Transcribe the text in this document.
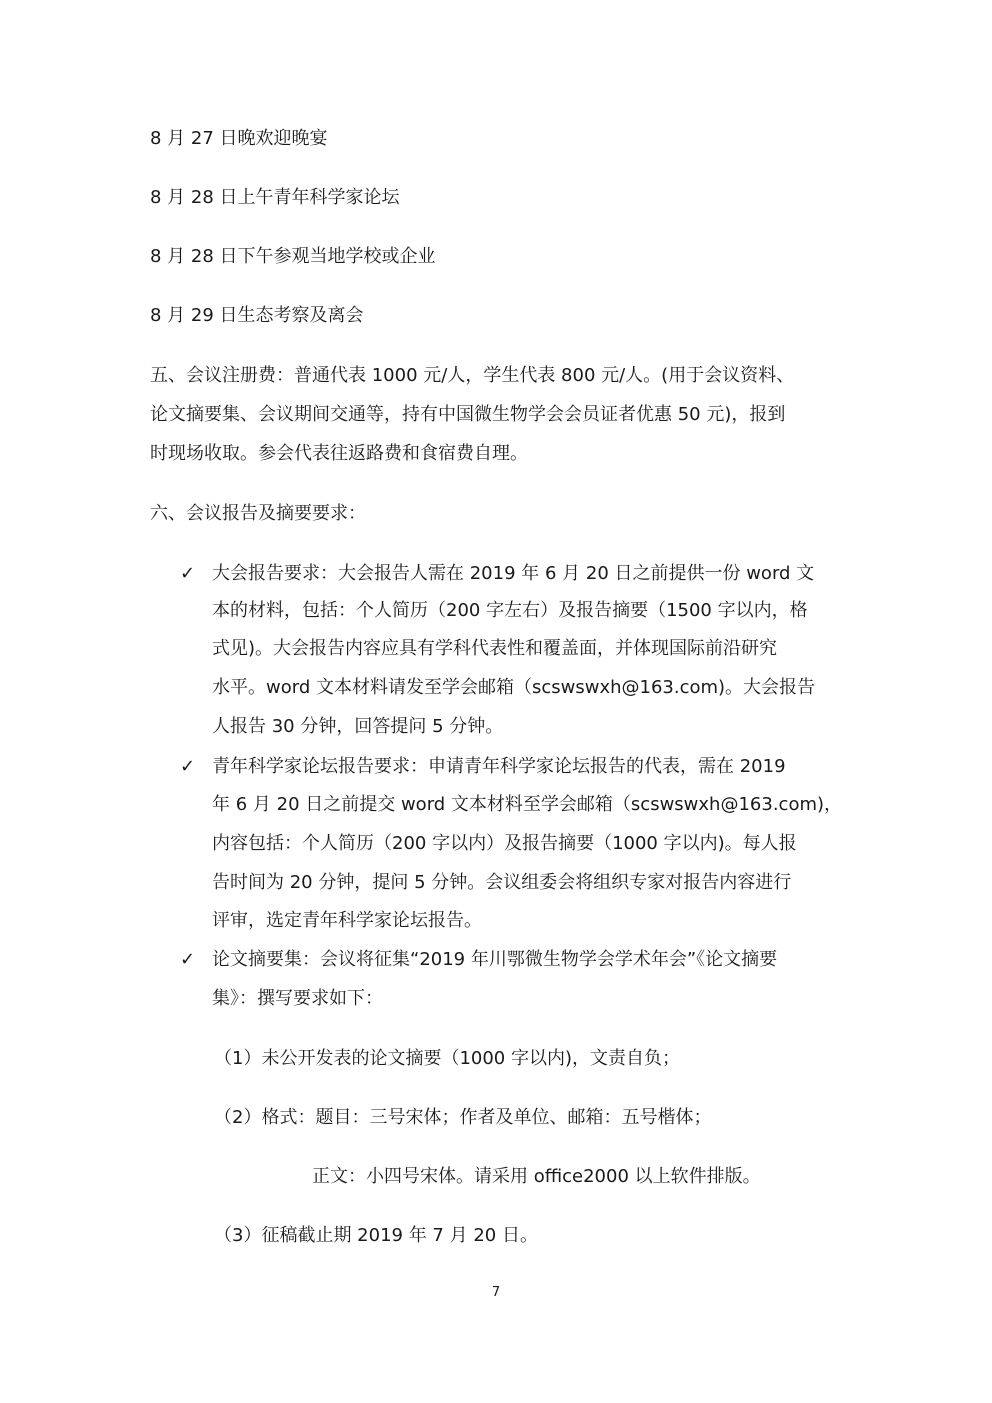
8 月 27 日晚欢迎晚宴
8 月 28 日上午青年科学家论坛
8 月 28 日下午参观当地学校或企业
8 月 29 日生态考察及离会
五、会议注册费：普通代表 1000 元/人，学生代表 800 元/人。(用于会议资料、
论文摘要集、会议期间交通等，持有中国微生物学会会员证者优惠 50 元)，报到
时现场收取。参会代表往返路费和食宿费自理。
六、会议报告及摘要要求：
✓ 大会报告要求：大会报告人需在 2019 年 6 月 20 日之前提供一份 word 文
本的材料，包括：个人简历（200 字左右）及报告摘要（1500 字以内，格
式见)。大会报告内容应具有学科代表性和覆盖面，并体现国际前沿研究
水平。word 文本材料请发至学会邮箱（scswswxh@163.com)。大会报告
人报告 30 分钟，回答提问 5 分钟。
✓ 青年科学家论坛报告要求：申请青年科学家论坛报告的代表，需在 2019
年 6 月 20 日之前提交 word 文本材料至学会邮箱（scswswxh@163.com)，
内容包括：个人简历（200 字以内）及报告摘要（1000 字以内)。每人报
告时间为 20 分钟，提问 5 分钟。会议组委会将组织专家对报告内容进行
评审，选定青年科学家论坛报告。
✓ 论文摘要集：会议将征集“2019 年川鄂微生物学会学术年会”《论文摘要
集》：撰写要求如下：
（1）未公开发表的论文摘要（1000 字以内)，文责自负；
（2）格式：题目：三号宋体；作者及单位、邮箱：五号楷体；
正文：小四号宋体。请采用 office2000 以上软件排版。
（3）征稿截止期 2019 年 7 月 20 日。
7
